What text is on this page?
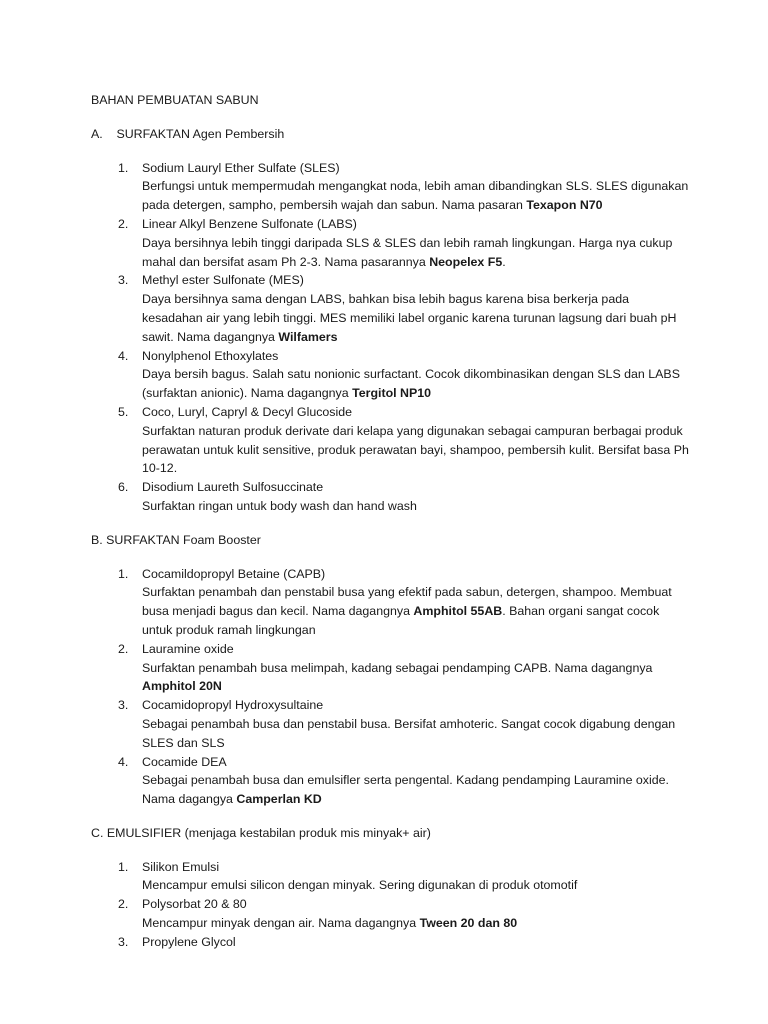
BAHAN PEMBUATAN SABUN
A. SURFAKTAN Agen Pembersih
1. Sodium Lauryl Ether Sulfate (SLES)
Berfungsi untuk mempermudah mengangkat noda, lebih aman dibandingkan SLS. SLES digunakan pada detergen, sampho, pembersih wajah dan sabun. Nama pasaran Texapon N70
2. Linear Alkyl Benzene Sulfonate (LABS)
Daya bersihnya lebih tinggi daripada SLS & SLES dan lebih ramah lingkungan. Harga nya cukup mahal dan bersifat asam Ph 2-3. Nama pasarannya Neopelex F5.
3. Methyl ester Sulfonate (MES)
Daya bersihnya sama dengan LABS, bahkan bisa lebih bagus karena bisa berkerja pada kesadahan air yang lebih tinggi. MES memiliki label organic karena turunan lagsung dari buah pH sawit. Nama dagangnya Wilfamers
4. Nonylphenol Ethoxylates
Daya bersih bagus. Salah satu nonionic surfactant. Cocok dikombinasikan dengan SLS dan LABS (surfaktan anionic). Nama dagangnya Tergitol NP10
5. Coco, Luryl, Capryl & Decyl Glucoside
Surfaktan naturan produk derivate dari kelapa yang digunakan sebagai campuran berbagai produk perawatan untuk kulit sensitive, produk perawatan bayi, shampoo, pembersih kulit. Bersifat basa Ph 10-12.
6. Disodium Laureth Sulfosuccinate
Surfaktan ringan untuk body wash dan hand wash
B. SURFAKTAN Foam Booster
1. Cocamildopropyl Betaine (CAPB)
Surfaktan penambah dan penstabil busa yang efektif pada sabun, detergen, shampoo. Membuat busa menjadi bagus dan kecil. Nama dagangnya Amphitol 55AB. Bahan organi sangat cocok untuk produk ramah lingkungan
2. Lauramine oxide
Surfaktan penambah busa melimpah, kadang sebagai pendamping CAPB. Nama dagangnya Amphitol 20N
3. Cocamidopropyl Hydroxysultaine
Sebagai penambah busa dan penstabil busa. Bersifat amhoteric. Sangat cocok digabung dengan SLES dan SLS
4. Cocamide DEA
Sebagai penambah busa dan emulsifler serta pengental. Kadang pendamping Lauramine oxide. Nama dagangya Camperlan KD
C. EMULSIFIER (menjaga kestabilan produk mis minyak+ air)
1. Silikon Emulsi
Mencampur emulsi silicon dengan minyak. Sering digunakan di produk otomotif
2. Polysorbat 20 & 80
Mencampur minyak dengan air. Nama dagangnya Tween 20 dan 80
3. Propylene Glycol
